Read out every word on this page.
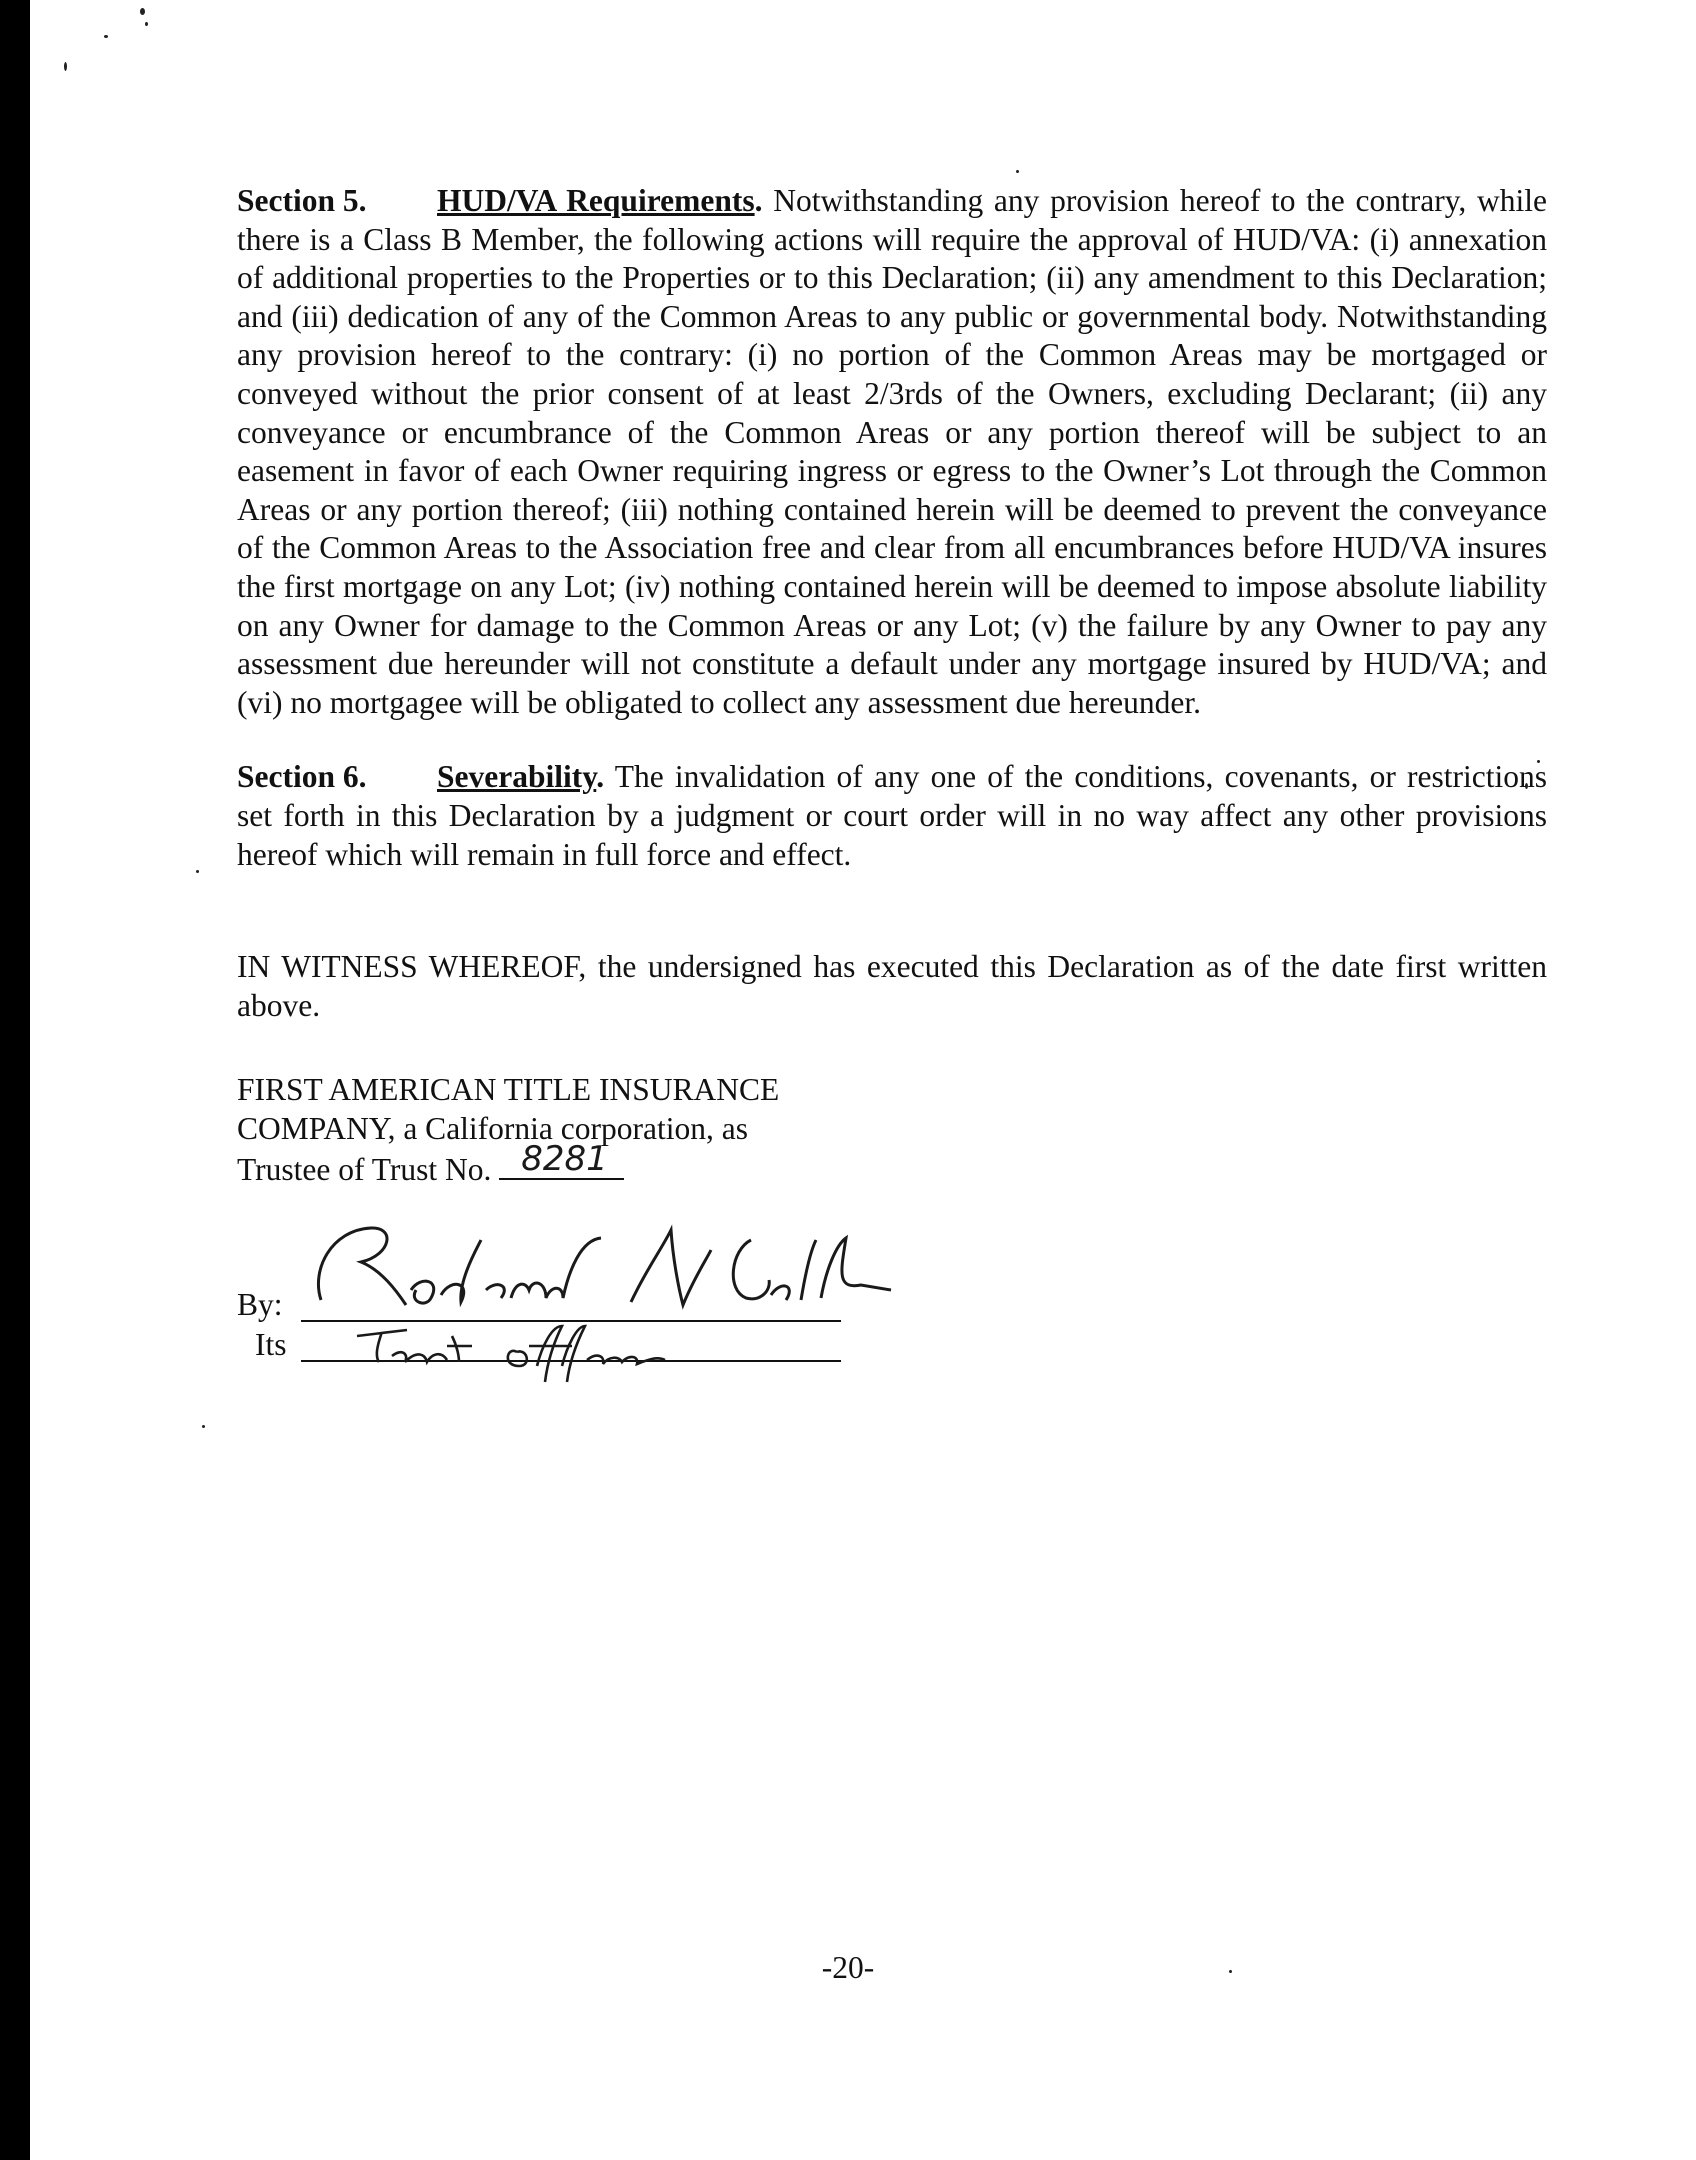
Section 5. HUD/VA Requirements. Notwithstanding any provision hereof to the contrary, while there is a Class B Member, the following actions will require the approval of HUD/VA: (i) annexation of additional properties to the Properties or to this Declaration; (ii) any amendment to this Declaration; and (iii) dedication of any of the Common Areas to any public or governmental body. Notwithstanding any provision hereof to the contrary: (i) no portion of the Common Areas may be mortgaged or conveyed without the prior consent of at least 2/3rds of the Owners, excluding Declarant; (ii) any conveyance or encumbrance of the Common Areas or any portion thereof will be subject to an easement in favor of each Owner requiring ingress or egress to the Owner’s Lot through the Common Areas or any portion thereof; (iii) nothing contained herein will be deemed to prevent the conveyance of the Common Areas to the Association free and clear from all encumbrances before HUD/VA insures the first mortgage on any Lot; (iv) nothing contained herein will be deemed to impose absolute liability on any Owner for damage to the Common Areas or any Lot; (v) the failure by any Owner to pay any assessment due hereunder will not constitute a default under any mortgage insured by HUD/VA; and (vi) no mortgagee will be obligated to collect any assessment due hereunder.

Section 6. Severability. The invalidation of any one of the conditions, covenants, or restrictions set forth in this Declaration by a judgment or court order will in no way affect any other provisions hereof which will remain in full force and effect.

IN WITNESS WHEREOF, the undersigned has executed this Declaration as of the date first written above.

FIRST AMERICAN TITLE INSURANCE
COMPANY, a California corporation, as
Trustee of Trust No. 8281
By:
Its
-20-
